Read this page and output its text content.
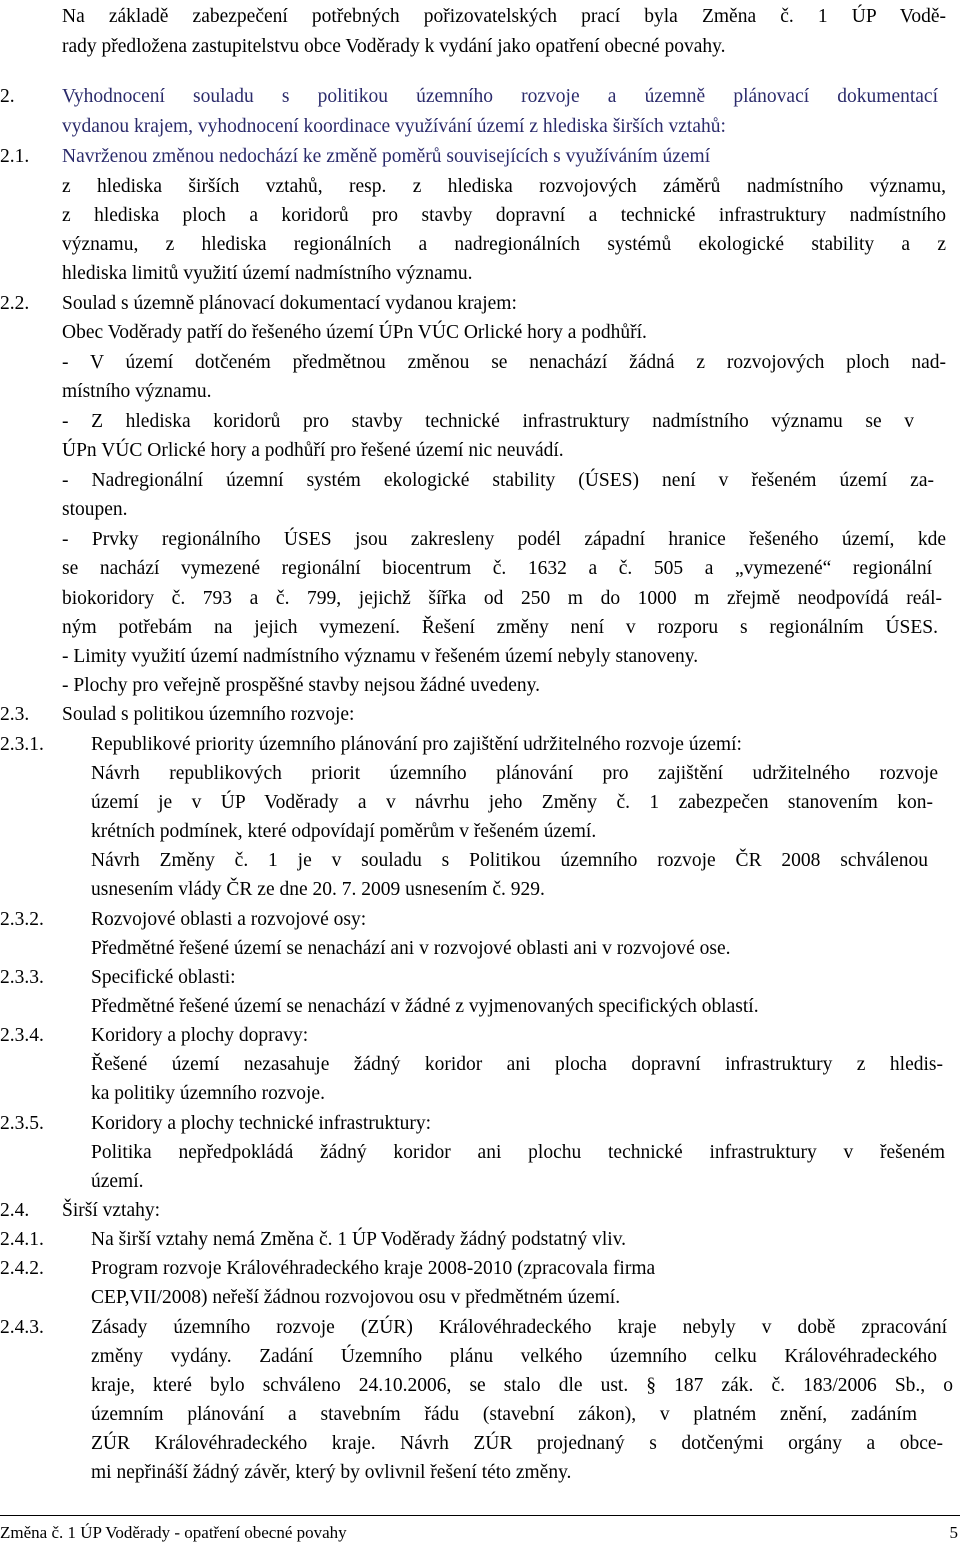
Na základě zabezpečení potřebných pořizovatelských prací byla Změna č. 1 ÚP Vodě-
rady předložena zastupitelstvu obce Voděrady k vydání jako opatření obecné povahy.
2. Vyhodnocení souladu s politikou územního rozvoje a územně plánovací dokumentací
vydanou krajem, vyhodnocení koordinace využívání území z hlediska širších vztahů:
2.1. Navrženou změnou nedochází ke změně poměrů souvisejících s využíváním území
z hlediska širších vztahů, resp. z hlediska rozvojových záměrů nadmístního významu,
z hlediska ploch a koridorů pro stavby dopravní a technické infrastruktury nadmístního
významu, z hlediska regionálních a nadregionálních systémů ekologické stability a z
hlediska limitů využití území nadmístního významu.
2.2. Soulad s územně plánovací dokumentací vydanou krajem:
Obec Voděrady patří do řešeného území ÚPn VÚC Orlické hory a podhůří.
- V území dotčeném předmětnou změnou se nenachází žádná z rozvojových ploch nad-
místního významu.
- Z hlediska koridorů pro stavby technické infrastruktury nadmístního významu se v
ÚPn VÚC Orlické hory a podhůří pro řešené území nic neuvádí.
- Nadregionální územní systém ekologické stability (ÚSES) není v řešeném území za-
stoupen.
- Prvky regionálního ÚSES jsou zakresleny podél západní hranice řešeného území, kde
se nachází vymezené regionální biocentrum č. 1632 a č. 505 a „vymezené“ regionální
biokoridory č. 793 a č. 799, jejichž šířka od 250 m do 1000 m zřejmě neodpovídá reál-
ným potřebám na jejich vymezení. Řešení změny není v rozporu s regionálním ÚSES.
- Limity využití území nadmístního významu v řešeném území nebyly stanoveny.
- Plochy pro veřejně prospěšné stavby nejsou žádné uvedeny.
2.3. Soulad s politikou územního rozvoje:
2.3.1. Republikové priority územního plánování pro zajištění udržitelného rozvoje území:
Návrh republikových priorit územního plánování pro zajištění udržitelného rozvoje
území je v ÚP Voděrady a v návrhu jeho Změny č. 1 zabezpečen stanovením kon-
krétních podmínek, které odpovídají poměrům v řešeném území.
Návrh Změny č. 1 je v souladu s Politikou územního rozvoje ČR 2008 schválenou
usnesením vlády ČR ze dne 20. 7. 2009 usnesením č. 929.
2.3.2. Rozvojové oblasti a rozvojové osy:
Předmětné řešené území se nenachází ani v rozvojové oblasti ani v rozvojové ose.
2.3.3. Specifické oblasti:
Předmětné řešené území se nenachází v žádné z vyjmenovaných specifických oblastí.
2.3.4. Koridory a plochy dopravy:
Řešené území nezasahuje žádný koridor ani plocha dopravní infrastruktury z hledis-
ka politiky územního rozvoje.
2.3.5. Koridory a plochy technické infrastruktury:
Politika nepředpokládá žádný koridor ani plochu technické infrastruktury v řešeném
území.
2.4. Širší vztahy:
2.4.1. Na širší vztahy nemá Změna č. 1 ÚP Voděrady žádný podstatný vliv.
2.4.2. Program rozvoje Královéhradeckého kraje 2008-2010 (zpracovala firma
CEP,VII/2008) neřeší žádnou rozvojovou osu v předmětném území.
2.4.3. Zásady územního rozvoje (ZÚR) Královéhradeckého kraje nebyly v době zpracování
změny vydány. Zadání Územního plánu velkého územního celku Královéhradeckého
kraje, které bylo schváleno 24.10.2006, se stalo dle ust. § 187 zák. č. 183/2006 Sb., o
územním plánování a stavebním řádu (stavební zákon), v platném znění, zadáním
ZÚR Královéhradeckého kraje. Návrh ZÚR projednaný s dotčenými orgány a obce-
mi nepřináší žádný závěr, který by ovlivnil řešení této změny.
Změna č. 1 ÚP Voděrady - opatření obecné povahy	5
